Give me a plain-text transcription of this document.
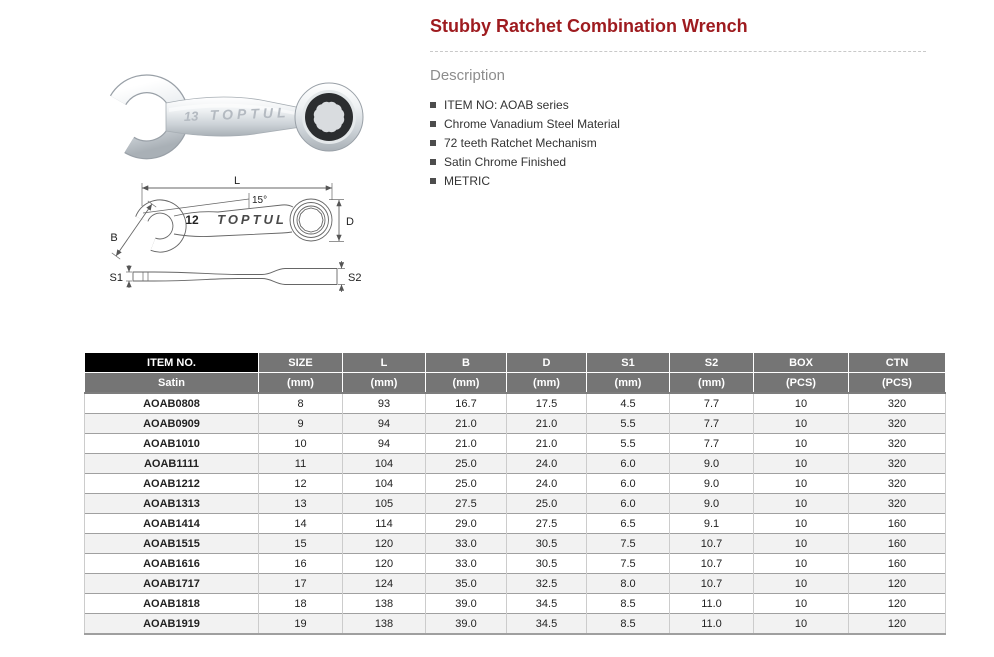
13 TOPTUL
L
15°
B
D
S1	S2
12 TOPTUL
Stubby Ratchet Combination Wrench
Description
ITEM NO: AOAB series
Chrome Vanadium Steel Material
72 teeth Ratchet Mechanism
Satin Chrome Finished
METRIC
ITEM NO.	SIZE	L	B	D	S1	S2	BOX	CTN
Satin	(mm)	(mm)	(mm)	(mm)	(mm)	(mm)	(PCS)	(PCS)
AOAB0808	8	93	16.7	17.5	4.5	7.7	10	320
AOAB0909	9	94	21.0	21.0	5.5	7.7	10	320
AOAB1010	10	94	21.0	21.0	5.5	7.7	10	320
AOAB1111	11	104	25.0	24.0	6.0	9.0	10	320
AOAB1212	12	104	25.0	24.0	6.0	9.0	10	320
AOAB1313	13	105	27.5	25.0	6.0	9.0	10	320
AOAB1414	14	114	29.0	27.5	6.5	9.1	10	160
AOAB1515	15	120	33.0	30.5	7.5	10.7	10	160
AOAB1616	16	120	33.0	30.5	7.5	10.7	10	160
AOAB1717	17	124	35.0	32.5	8.0	10.7	10	120
AOAB1818	18	138	39.0	34.5	8.5	11.0	10	120
AOAB1919	19	138	39.0	34.5	8.5	11.0	10	120
